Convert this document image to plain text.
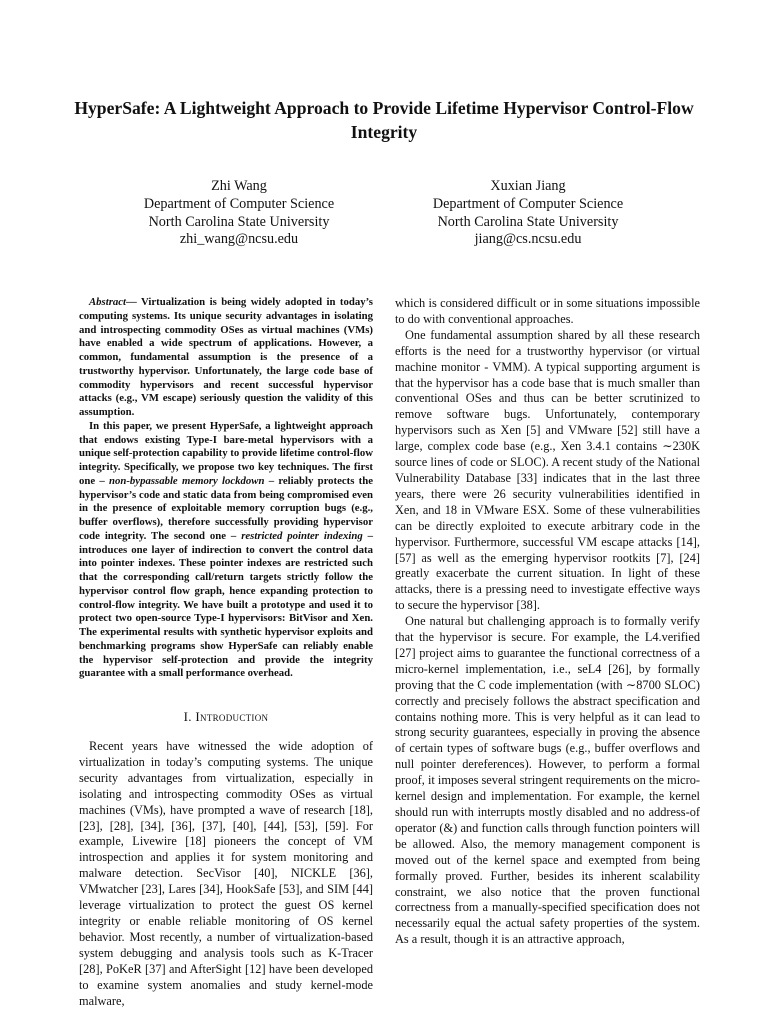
HyperSafe: A Lightweight Approach to Provide Lifetime Hypervisor Control-Flow Integrity
Zhi Wang
Department of Computer Science
North Carolina State University
zhi_wang@ncsu.edu
Xuxian Jiang
Department of Computer Science
North Carolina State University
jiang@cs.ncsu.edu

Abstract— Virtualization is being widely adopted in today’s computing systems. Its unique security advantages in isolating and introspecting commodity OSes as virtual machines (VMs) have enabled a wide spectrum of applications. However, a common, fundamental assumption is the presence of a trustworthy hypervisor. Unfortunately, the large code base of commodity hypervisors and recent successful hypervisor attacks (e.g., VM escape) seriously question the validity of this assumption.

In this paper, we present HyperSafe, a lightweight approach that endows existing Type-I bare-metal hypervisors with a unique self-protection capability to provide lifetime control-flow integrity. Specifically, we propose two key techniques. The first one – non-bypassable memory lockdown – reliably protects the hypervisor’s code and static data from being compromised even in the presence of exploitable memory corruption bugs (e.g., buffer overflows), therefore successfully providing hypervisor code integrity. The second one – restricted pointer indexing – introduces one layer of indirection to convert the control data into pointer indexes. These pointer indexes are restricted such that the corresponding call/return targets strictly follow the hypervisor control flow graph, hence expanding protection to control-flow integrity. We have built a prototype and used it to protect two open-source Type-I hypervisors: BitVisor and Xen. The experimental results with synthetic hypervisor exploits and benchmarking programs show HyperSafe can reliably enable the hypervisor self-protection and provide the integrity guarantee with a small performance overhead.

I. Introduction

Recent years have witnessed the wide adoption of virtualization in today’s computing systems. The unique security advantages from virtualization, especially in isolating and introspecting commodity OSes as virtual machines (VMs), have prompted a wave of research [18], [23], [28], [34], [36], [37], [40], [44], [53], [59]. For example, Livewire [18] pioneers the concept of VM introspection and applies it for system monitoring and malware detection. SecVisor [40], NICKLE [36], VMwatcher [23], Lares [34], HookSafe [53], and SIM [44] leverage virtualization to protect the guest OS kernel integrity or enable reliable monitoring of OS kernel behavior. Most recently, a number of virtualization-based system debugging and analysis tools such as K-Tracer [28], PoKeR [37] and AfterSight [12] have been developed to examine system anomalies and study kernel-mode malware,

which is considered difficult or in some situations impossible to do with conventional approaches.

One fundamental assumption shared by all these research efforts is the need for a trustworthy hypervisor (or virtual machine monitor - VMM). A typical supporting argument is that the hypervisor has a code base that is much smaller than conventional OSes and thus can be better scrutinized to remove software bugs. Unfortunately, contemporary hypervisors such as Xen [5] and VMware [52] still have a large, complex code base (e.g., Xen 3.4.1 contains ∼230K source lines of code or SLOC). A recent study of the National Vulnerability Database [33] indicates that in the last three years, there were 26 security vulnerabilities identified in Xen, and 18 in VMware ESX. Some of these vulnerabilities can be directly exploited to execute arbitrary code in the hypervisor. Furthermore, successful VM escape attacks [14], [57] as well as the emerging hypervisor rootkits [7], [24] greatly exacerbate the current situation. In light of these attacks, there is a pressing need to investigate effective ways to secure the hypervisor [38].

One natural but challenging approach is to formally verify that the hypervisor is secure. For example, the L4.verified [27] project aims to guarantee the functional correctness of a micro-kernel implementation, i.e., seL4 [26], by formally proving that the C code implementation (with ∼8700 SLOC) correctly and precisely follows the abstract specification and contains nothing more. This is very helpful as it can lead to strong security guarantees, especially in proving the absence of certain types of software bugs (e.g., buffer overflows and null pointer dereferences). However, to perform a formal proof, it imposes several stringent requirements on the micro-kernel design and implementation. For example, the kernel should run with interrupts mostly disabled and no address-of operator (&) and function calls through function pointers will be allowed. Also, the memory management component is moved out of the kernel space and exempted from being formally proved. Further, besides its inherent scalability constraint, we also notice that the proven functional correctness from a manually-specified specification does not necessarily equal the actual safety properties of the system. As a result, though it is an attractive approach,
